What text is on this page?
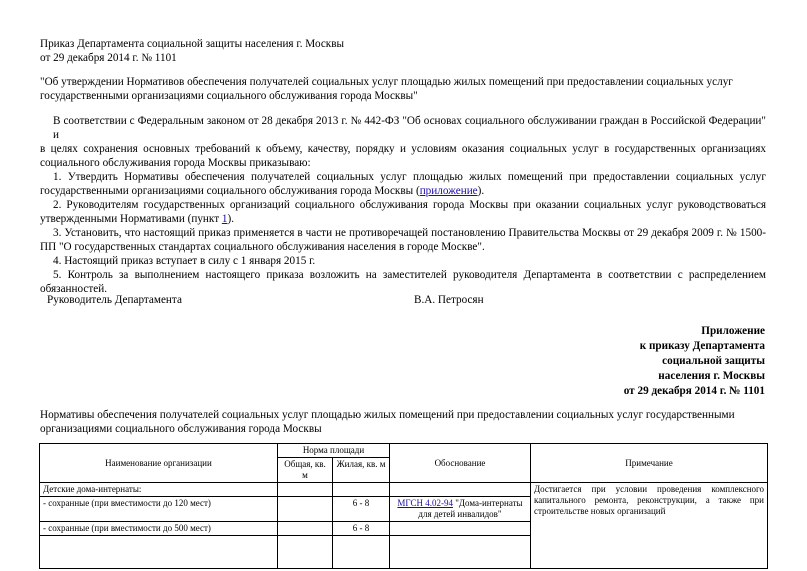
Приказ Департамента социальной защиты населения г. Москвы
от 29 декабря 2014 г. № 1101
"Об утверждении Нормативов обеспечения получателей социальных услуг площадью жилых помещений при предоставлении социальных услуг
государственными организациями социального обслуживания города Москвы"
В соответствии с Федеральным законом от 28 декабря 2013 г. № 442-ФЗ "Об основах социального обслуживании граждан в Российской Федерации" и
в целях сохранения основных требований к объему, качеству, порядку и условиям оказания социальных услуг в государственных организациях
социального обслуживания города Москвы приказываю:
1. Утвердить Нормативы обеспечения получателей социальных услуг площадью жилых помещений при предоставлении социальных услуг
государственными организациями социального обслуживания города Москвы (приложение).
2. Руководителям государственных организаций социального обслуживания города Москвы при оказании социальных услуг руководствоваться
утвержденными Нормативами (пункт 1).
3. Установить, что настоящий приказ применяется в части не противоречащей постановлению Правительства Москвы от 29 декабря 2009 г. № 1500-
ПП "О государственных стандартах социального обслуживания населения в городе Москве".
4. Настоящий приказ вступает в силу с 1 января 2015 г.
5. Контроль за выполнением настоящего приказа возложить на заместителей руководителя Департамента в соответствии с распределением
обязанностей.
Руководитель Департамента	В.А. Петросян
Приложение
к приказу Департамента
социальной защиты
населения г. Москвы
от 29 декабря 2014 г. № 1101
Нормативы обеспечения получателей социальных услуг площадью жилых помещений при предоставлении социальных услуг государственными
организациями социального обслуживания города Москвы
Наименование организации	Норма площади		Обоснование	Примечание
	Общая, кв. м	Жилая, кв. м		
Детские дома-интернаты:				Достигается при условии проведения комплексного капитального ремонта, реконструкции, а также при строительстве новых организаций
- сохранные (при вместимости до 120 мест)		6 - 8	МГСН 4.02-94 "Дома-интернаты для детей инвалидов"	
- сохранные (при вместимости до 500 мест)		6 - 8		
